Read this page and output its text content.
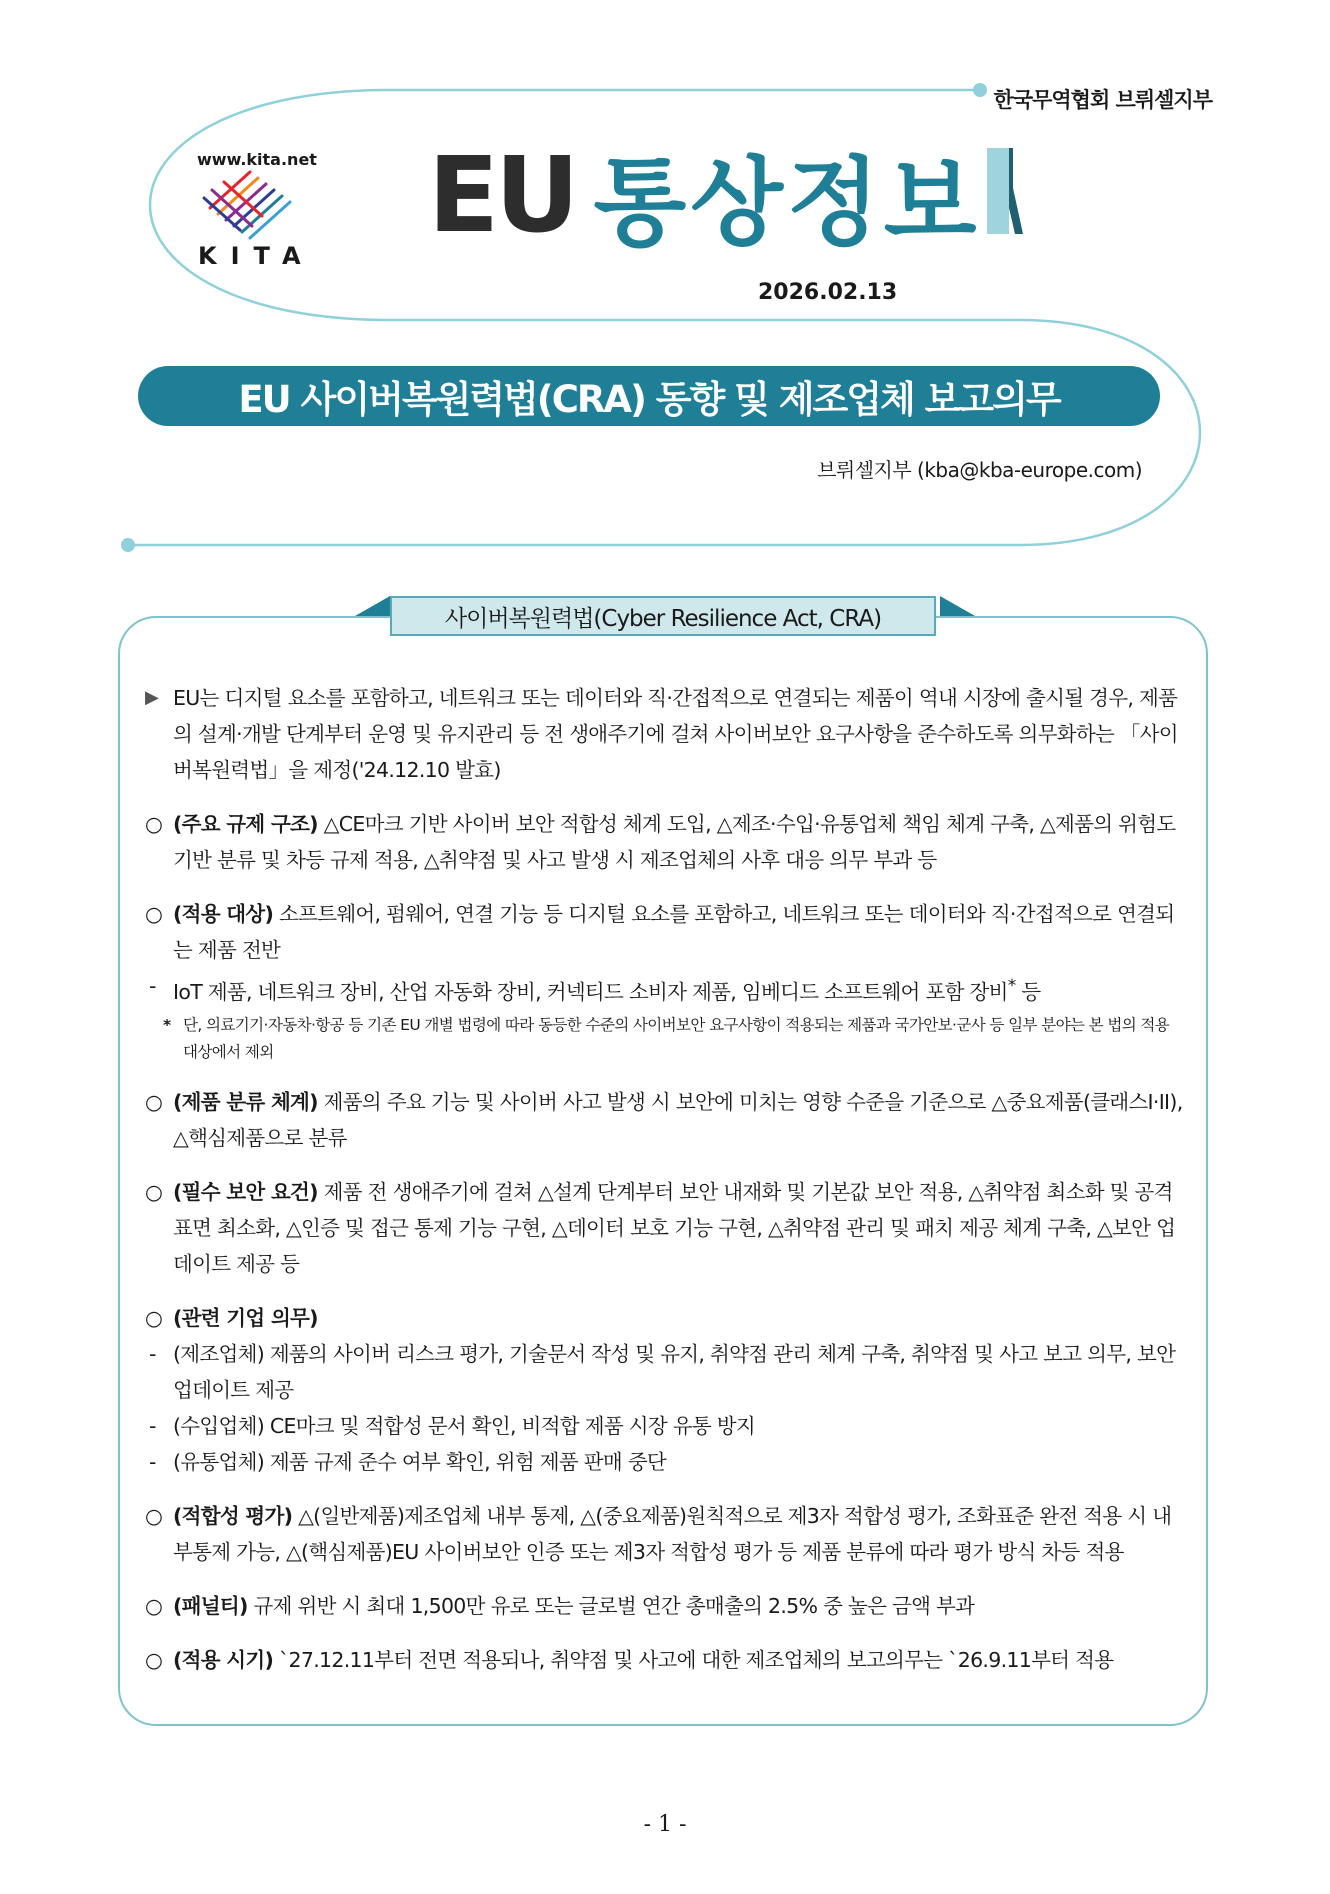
한국무역협회 브뤼셀지부
www.kita.net
KITA EU 통상정보
2026.02.13
EU 사이버복원력법(CRA) 동향 및 제조업체 보고의무
브뤼셀지부 (kba@kba-europe.com)
사이버복원력법(Cyber Resilience Act, CRA)
▶ EU는 디지털 요소를 포함하고, 네트워크 또는 데이터와 직·간접적으로 연결되는 제품이 역내 시장에 출시될 경우, 제품의 설계·개발 단계부터 운영 및 유지관리 등 전 생애주기에 걸쳐 사이버보안 요구사항을 준수하도록 의무화하는 「사이버복원력법」을 제정('24.12.10 발효)
○ (주요 규제 구조) △CE마크 기반 사이버 보안 적합성 체계 도입, △제조·수입·유통업체 책임 체계 구축, △제품의 위험도 기반 분류 및 차등 규제 적용, △취약점 및 사고 발생 시 제조업체의 사후 대응 의무 부과 등
○ (적용 대상) 소프트웨어, 펌웨어, 연결 기능 등 디지털 요소를 포함하고, 네트워크 또는 데이터와 직·간접적으로 연결되는 제품 전반
- IoT 제품, 네트워크 장비, 산업 자동화 장비, 커넥티드 소비자 제품, 임베디드 소프트웨어 포함 장비* 등
* 단, 의료기기·자동차·항공 등 기존 EU 개별 법령에 따라 동등한 수준의 사이버보안 요구사항이 적용되는 제품과 국가안보·군사 등 일부 분야는 본 법의 적용 대상에서 제외
○ (제품 분류 체계) 제품의 주요 기능 및 사이버 사고 발생 시 보안에 미치는 영향 수준을 기준으로 △중요제품(클래스I·II), △핵심제품으로 분류
○ (필수 보안 요건) 제품 전 생애주기에 걸쳐 △설계 단계부터 보안 내재화 및 기본값 보안 적용, △취약점 최소화 및 공격 표면 최소화, △인증 및 접근 통제 기능 구현, △데이터 보호 기능 구현, △취약점 관리 및 패치 제공 체계 구축, △보안 업데이트 제공 등
○ (관련 기업 의무)
- (제조업체) 제품의 사이버 리스크 평가, 기술문서 작성 및 유지, 취약점 관리 체계 구축, 취약점 및 사고 보고 의무, 보안 업데이트 제공
- (수입업체) CE마크 및 적합성 문서 확인, 비적합 제품 시장 유통 방지
- (유통업체) 제품 규제 준수 여부 확인, 위험 제품 판매 중단
○ (적합성 평가) △(일반제품)제조업체 내부 통제, △(중요제품)원칙적으로 제3자 적합성 평가, 조화표준 완전 적용 시 내부통제 가능, △(핵심제품)EU 사이버보안 인증 또는 제3자 적합성 평가 등 제품 분류에 따라 평가 방식 차등 적용
○ (패널티) 규제 위반 시 최대 1,500만 유로 또는 글로벌 연간 총매출의 2.5% 중 높은 금액 부과
○ (적용 시기) `27.12.11부터 전면 적용되나, 취약점 및 사고에 대한 제조업체의 보고의무는 `26.9.11부터 적용
- 1 -
